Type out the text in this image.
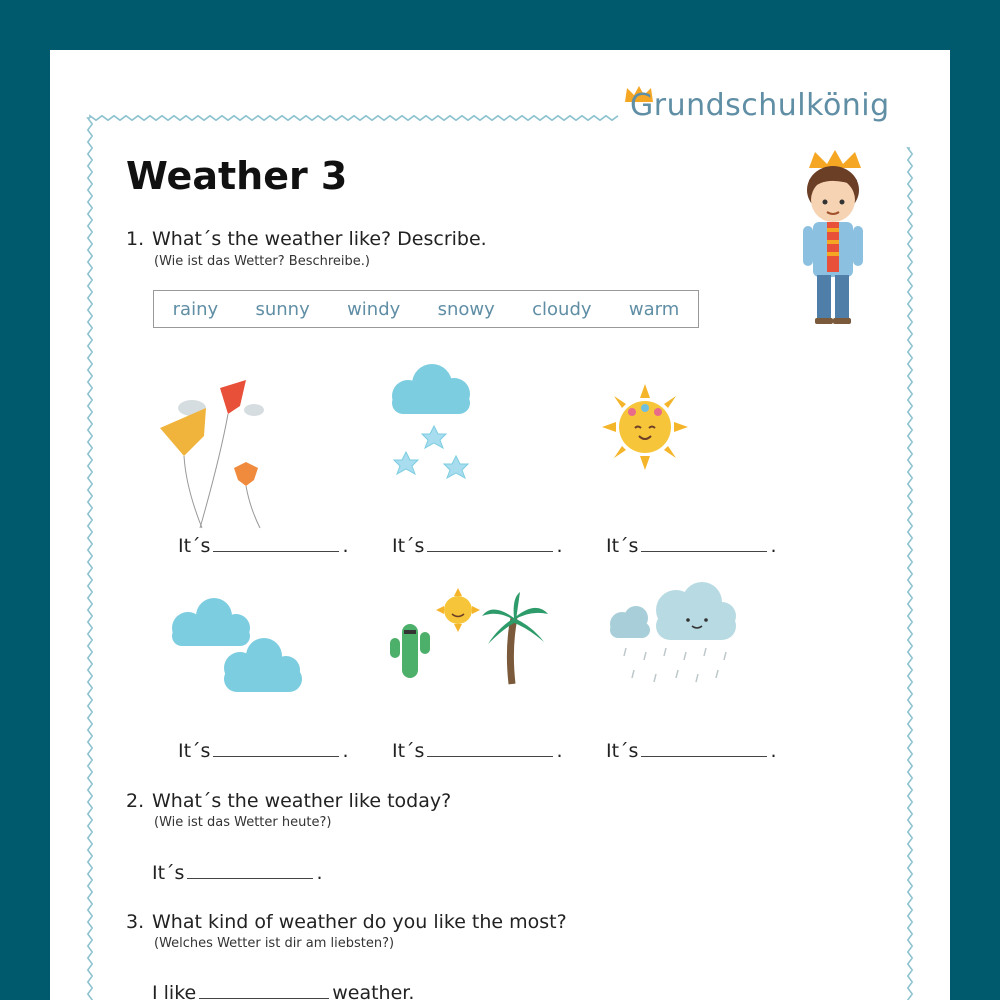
Grundschulkönig
Weather 3
1. What´s the weather like? Describe.
(Wie ist das Wetter? Beschreibe.)
rainy sunny windy snowy cloudy warm
It´s	. It´s	. It´s	.
It´s	. It´s	. It´s	.
2. What´s the weather like today?
(Wie ist das Wetter heute?)
It´s	.
3. What kind of weather do you like the most?
(Welches Wetter ist dir am liebsten?)
I like	weather.
